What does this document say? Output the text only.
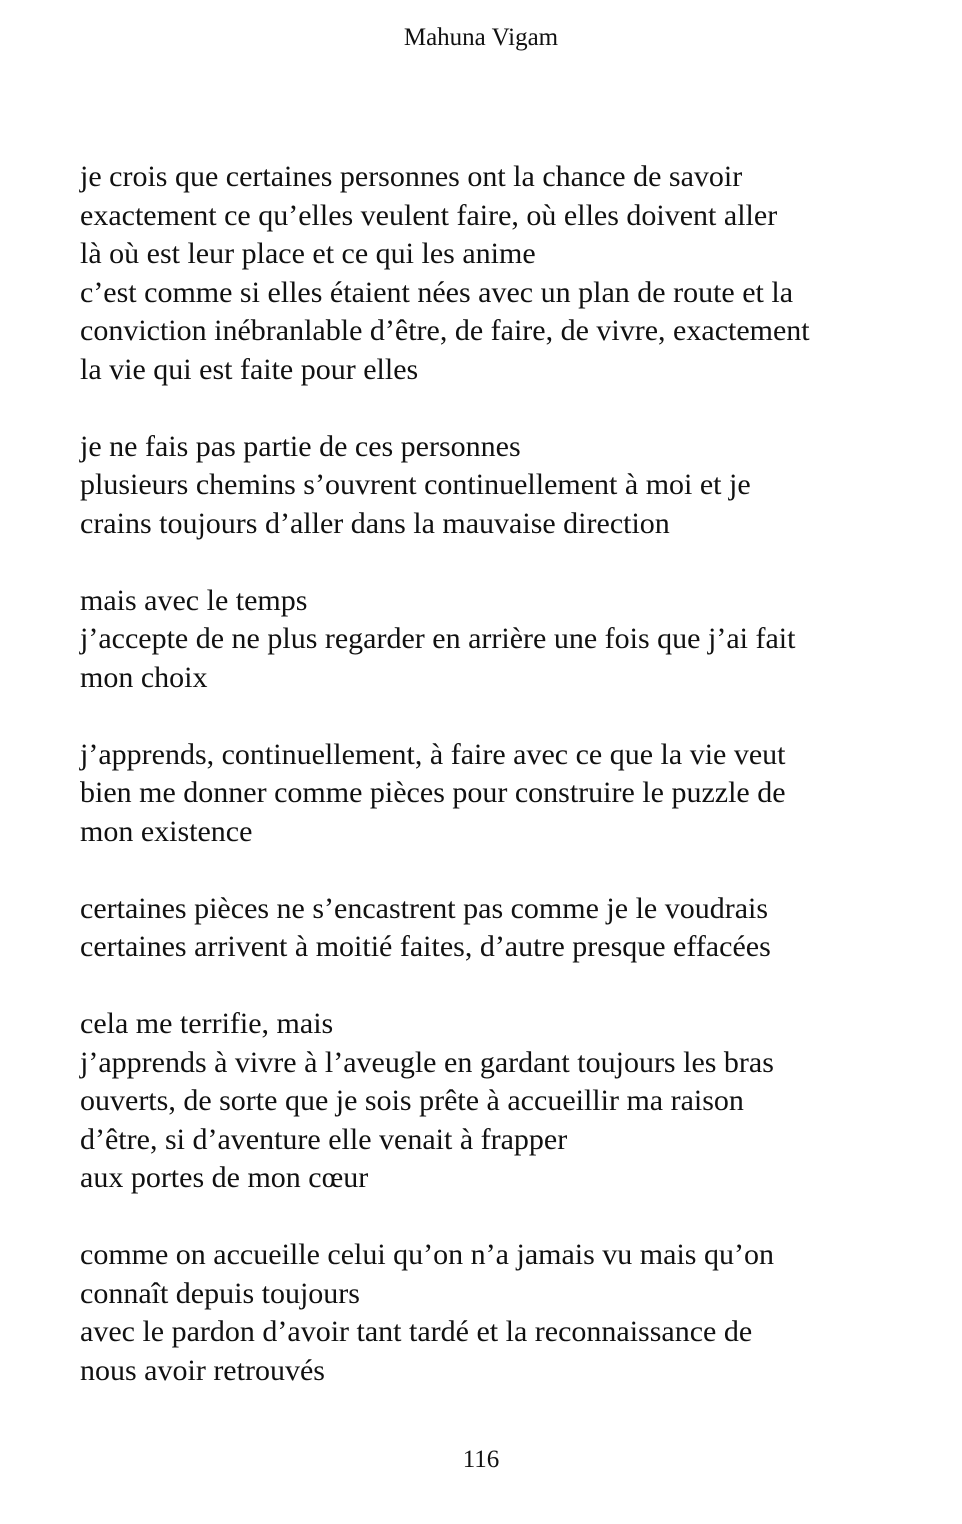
Mahuna Vigam
je crois que certaines personnes ont la chance de savoir
exactement ce qu’elles veulent faire, où elles doivent aller
là où est leur place et ce qui les anime
c’est comme si elles étaient nées avec un plan de route et la
conviction inébranlable d’être, de faire, de vivre, exactement
la vie qui est faite pour elles
je ne fais pas partie de ces personnes
plusieurs chemins s’ouvrent continuellement à moi et je
crains toujours d’aller dans la mauvaise direction
mais avec le temps
j’accepte de ne plus regarder en arrière une fois que j’ai fait
mon choix
j’apprends, continuellement, à faire avec ce que la vie veut
bien me donner comme pièces pour construire le puzzle de
mon existence
certaines pièces ne s’encastrent pas comme je le voudrais
certaines arrivent à moitié faites, d’autre presque effacées
cela me terrifie, mais
j’apprends à vivre à l’aveugle en gardant toujours les bras
ouverts, de sorte que je sois prête à accueillir ma raison
d’être, si d’aventure elle venait à frapper
aux portes de mon cœur
comme on accueille celui qu’on n’a jamais vu mais qu’on
connaît depuis toujours
avec le pardon d’avoir tant tardé et la reconnaissance de
nous avoir retrouvés
116
